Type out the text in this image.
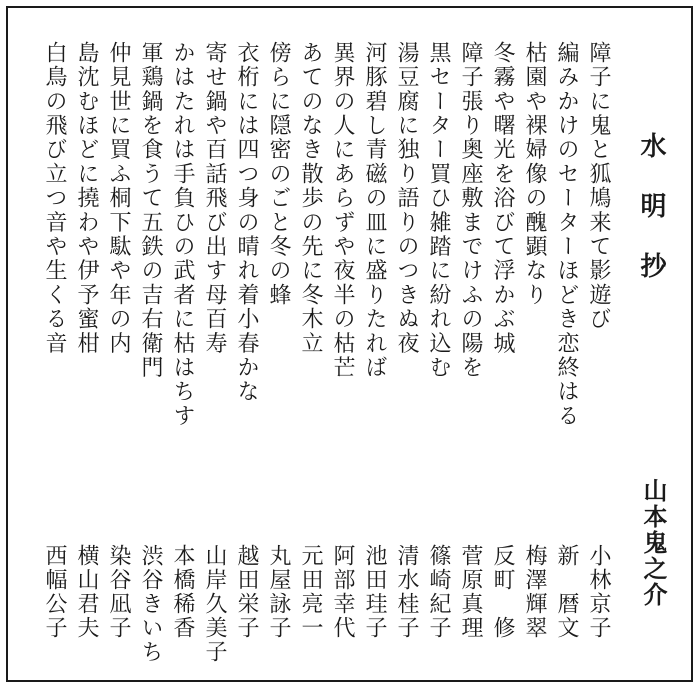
水明抄
山本鬼之介
障子に鬼と狐鳩来て影遊び
編みかけのセーターほどき恋終はる
枯園や裸婦像の醜顕なり
冬霧や曙光を浴びて浮かぶ城
障子張り奥座敷までけふの陽を
黒セーター買ひ雑踏に紛れ込む
湯豆腐に独り語りのつきぬ夜
河豚碧し青磁の皿に盛りたれば
異界の人にあらずや夜半の枯芒
あてのなき散歩の先に冬木立
傍らに隠密のごと冬の蜂
衣桁には四つ身の晴れ着小春かな
寄せ鍋や百話飛び出す母百寿
かはたれは手負ひの武者に枯はちす
軍鶏鍋を食うて五鉄の吉右衛門
仲見世に買ふ桐下駄や年の内
島沈むほどに撓わや伊予蜜柑
白鳥の飛び立つ音や生くる音
小林京子
新　暦文
梅澤輝翠
反町　修
菅原真理
篠崎紀子
清水桂子
池田珪子
阿部幸代
元田亮一
丸屋詠子
越田栄子
山岸久美子
本橋稀香
渋谷きいち
染谷凪子
横山君夫
西幅公子
